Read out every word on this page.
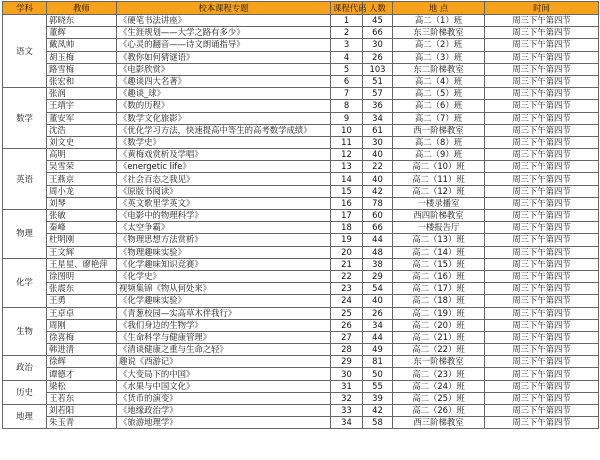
学科	教师	校本课程专题	课程代码	人数	地 点	时间
语文	郭晓东	《硬笔书法讲座》	1	45	高二（1）班	周三下午第四节
	董辉	《生涯规划——大学之路有多少》	2	66	东三阶梯教室	周三下午第四节
	戴凤帅	《心灵的翻音——诗文朗诵指导》	3	30	高二（2）班	周三下午第四节
	胡玉梅	《教你如何猜谜语》	4	26	高二（3）班	周三下午第四节
	路雪梅	《电影欣赏》	5	103	东二阶梯教室	周三下午第四节
	张宏和	《趣谈四大名著》	6	51	高二（4）班	周三下午第四节
数学	张润	《趣谈_球》	7	57	高二（5）班	周三下午第四节
	王靖宇	《数的历程》	8	36	高二（6）班	周三下午第四节
	董安军	《数学文化旅影》	9	34	高二（7）班	周三下午第四节
	沈浩	《优化学习方法，快速提高中等生的高考数学成绩》	10	61	西一阶梯教室	周三下午第四节
	刘文史	《数学史》	11	30	高二（8）班	周三下午第四节
英语	高明	《黄梅戏赏析及学唱》	12	40	高二（9）班	周三下午第四节
	吴雪荣	《energetic life》	13	22	高二（10）班	周三下午第四节
	王燕京	《社会百态之我见》	14	40	高二（11）班	周三下午第四节
	周小龙	《原版书阅读》	15	42	高二（12）班	周三下午第四节
	刘琴	《英文歌里学英文》	16	78	一楼录播室	周三下午第四节
物理	张敏	《电影中的物理科学》	17	60	西四阶梯教室	周三下午第四节
	秦峰	《太空争霸》	18	66	一楼报告厅	周三下午第四节
	杜明刚	《物理思想方法赏析》	19	44	高二（13）班	周三下午第四节
	王文辉	《物理趣味实验》	20	48	高二（14）班	周三下午第四节
化学	王星星、廖艳萍	《化学趣味知识竞赛》	21	38	高二（15）班	周三下午第四节
	徐图明	《化学史》	22	29	高二（16）班	周三下午第四节
	张震东	视频集锦《物从何处来》	23	54	高二（17）班	周三下午第四节
	王勇	《化学趣味实验》	24	40	高二（18）班	周三下午第四节
生物	王卓卓	《青葱校园—实高草木伴我行》	25	26	高二（19）班	周三下午第四节
	周刚	《我们身边的生物学》	26	34	高二（20）班	周三下午第四节
	徐喜梅	《生命科学与健康管理》	27	44	高二（21）班	周三下午第四节
	韩进清	《清谈健康之重与生命之轻》	28	49	高二（22）班	周三下午第四节
政治	徐辉	趣说《西游记》	29	81	东一阶梯教室	周三下午第四节
	谭德才	《大变局下的中国》	30	50	高二（23）班	周三下午第四节
历史	梁松	《水果与中国文化》	31	55	高二（24）班	周三下午第四节
	王若东	《货币的演变》	32	39	高二（25）班	周三下午第四节
地理	刘若阳	《地缘政治学》	33	42	高二（26）班	周三下午第四节
	朱玉青	《旅游地理学》	34	58	西三阶梯教室	周三下午第四节
